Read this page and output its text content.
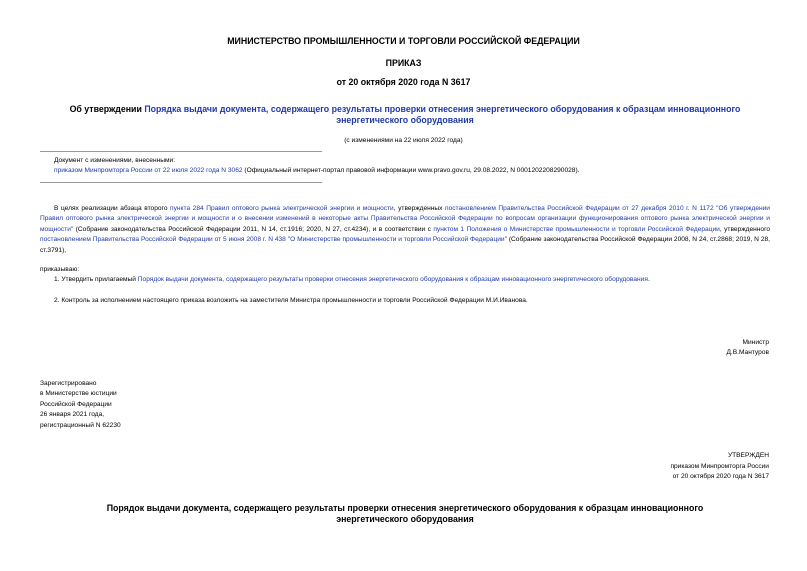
МИНИСТЕРСТВО ПРОМЫШЛЕННОСТИ И ТОРГОВЛИ РОССИЙСКОЙ ФЕДЕРАЦИИ
ПРИКАЗ
от 20 октября 2020 года N 3617
Об утверждении Порядка выдачи документа, содержащего результаты проверки отнесения энергетического оборудования к образцам инновационного энергетического оборудования
(с изменениями на 22 июля 2022 года)
Документ с изменениями, внесенными:
приказом Минпромторга России от 22 июля 2022 года N 3062 (Официальный интернет-портал правовой информации www.pravo.gov.ru, 29.08.2022, N 0001202208290028).

В целях реализации абзаца второго пункта 284 Правил оптового рынка электрической энергии и мощности, утвержденных постановлением Правительства Российской Федерации от 27 декабря 2010 г. N 1172 "Об утверждении Правил оптового рынка электрической энергии и мощности и о внесении изменений в некоторые акты Правительства Российской Федерации по вопросам организации функционирования оптового рынка электрической энергии и мощности" (Собрание законодательства Российской Федерации 2011, N 14, ст.1916; 2020, N 27, ст.4234), и в соответствии с пунктом 1 Положения о Министерстве промышленности и торговли Российской Федерации, утвержденного постановлением Правительства Российской Федерации от 5 июня 2008 г. N 438 "О Министерстве промышленности и торговли Российской Федерации" (Собрание законодательства Российской Федерации 2008, N 24, ст.2868; 2019, N 28, ст.3791),

приказываю:
1. Утвердить прилагаемый Порядок выдачи документа, содержащего результаты проверки отнесения энергетического оборудования к образцам инновационного энергетического оборудования.
2. Контроль за исполнением настоящего приказа возложить на заместителя Министра промышленности и торговли Российской Федерации М.И.Иванова.
Министр
Д.В.Мантуров
Зарегистрировано
в Министерстве юстиции
Российской Федерации
26 января 2021 года,
регистрационный N 62230
УТВЕРЖДЕН
приказом Минпромторга России
от 20 октября 2020 года N 3617
Порядок выдачи документа, содержащего результаты проверки отнесения энергетического оборудования к образцам инновационного энергетического оборудования
